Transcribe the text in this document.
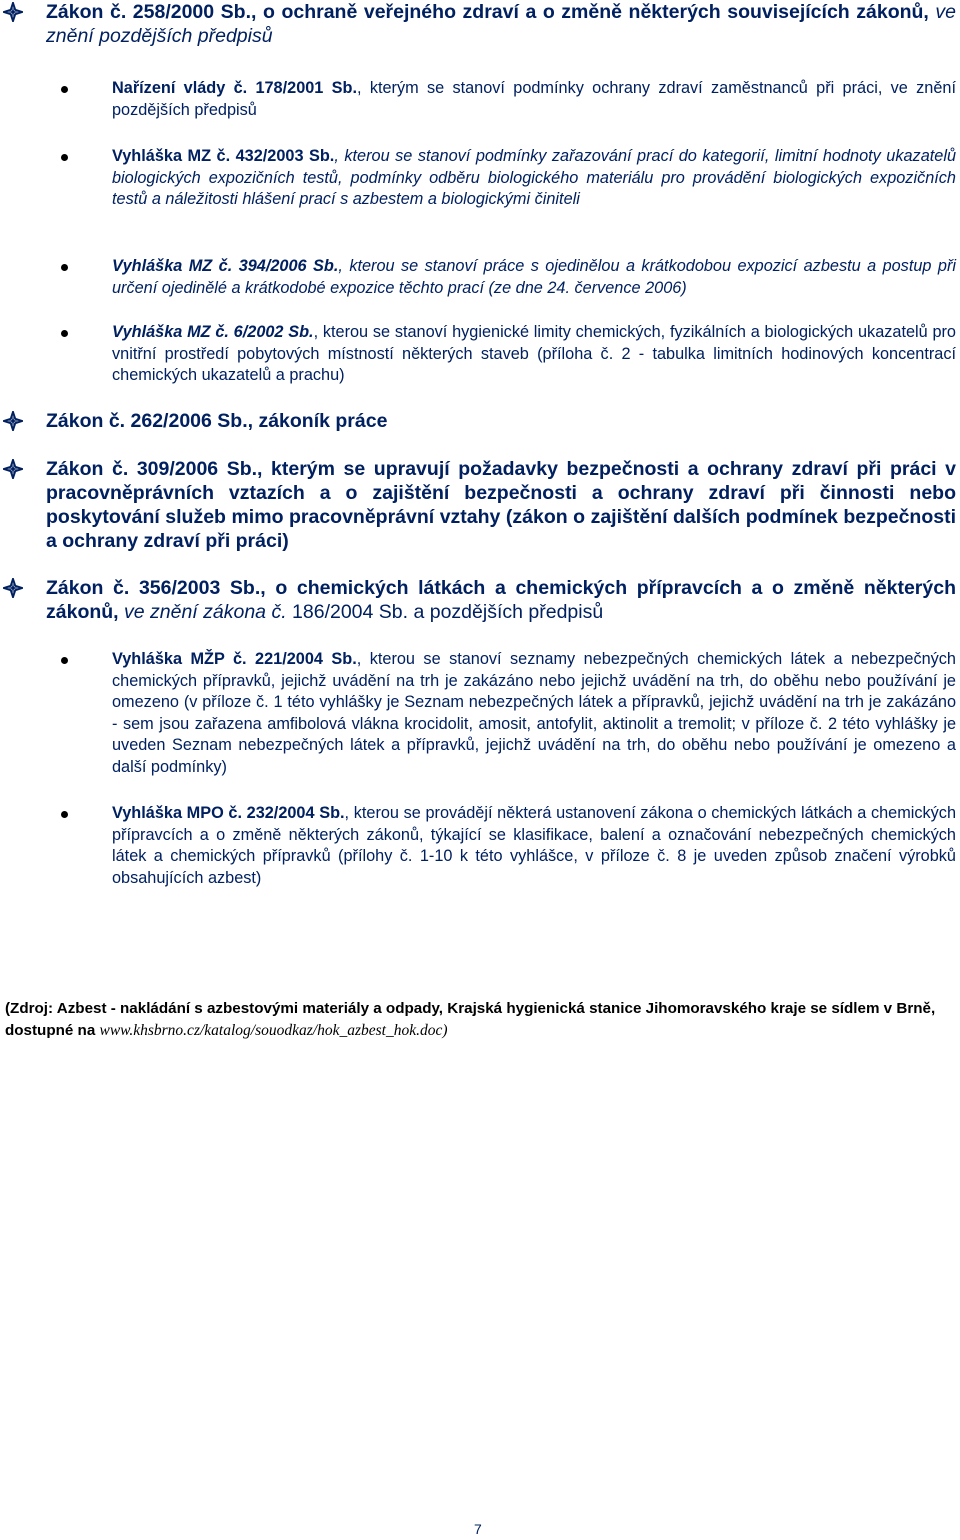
Zákon č. 258/2000 Sb., o ochraně veřejného zdraví a o změně některých souvisejících zákonů, ve znění pozdějších předpisů
Nařízení vlády č. 178/2001 Sb., kterým se stanoví podmínky ochrany zdraví zaměstnanců při práci, ve znění pozdějších předpisů
Vyhláška MZ č. 432/2003 Sb., kterou se stanoví podmínky zařazování prací do kategorií, limitní hodnoty ukazatelů biologických expozičních testů, podmínky odběru biologického materiálu pro provádění biologických expozičních testů a náležitosti hlášení prací s azbestem a biologickými činiteli
Vyhláška MZ č. 394/2006 Sb., kterou se stanoví práce s ojedinělou a krátkodobou expozicí azbestu a postup při určení ojedinělé a krátkodobé expozice těchto prací (ze dne 24. července 2006)
Vyhláška MZ č. 6/2002 Sb., kterou se stanoví hygienické limity chemických, fyzikálních a biologických ukazatelů pro vnitřní prostředí pobytových místností některých staveb (příloha č. 2 - tabulka limitních hodinových koncentrací chemických ukazatelů a prachu)
Zákon č. 262/2006 Sb., zákoník práce
Zákon č. 309/2006 Sb., kterým se upravují požadavky bezpečnosti a ochrany zdraví při práci v pracovněprávních vztazích a o zajištění bezpečnosti a ochrany zdraví při činnosti nebo poskytování služeb mimo pracovněprávní vztahy (zákon o zajištění dalších podmínek bezpečnosti a ochrany zdraví při práci)
Zákon č. 356/2003 Sb., o chemických látkách a chemických přípravcích a o změně některých zákonů, ve znění zákona č. 186/2004 Sb. a pozdějších předpisů
Vyhláška MŽP č. 221/2004 Sb., kterou se stanoví seznamy nebezpečných chemických látek a nebezpečných chemických přípravků, jejichž uvádění na trh je zakázáno nebo jejichž uvádění na trh, do oběhu nebo používání je omezeno (v příloze č. 1 této vyhlášky je Seznam nebezpečných látek a přípravků, jejichž uvádění na trh je zakázáno - sem jsou zařazena amfibolová vlákna krocidolit, amosit, antofylit, aktinolit a tremolit; v příloze č. 2 této vyhlášky je uveden Seznam nebezpečných látek a přípravků, jejichž uvádění na trh, do oběhu nebo používání je omezeno a další podmínky)
Vyhláška MPO č. 232/2004 Sb., kterou se provádějí některá ustanovení zákona o chemických látkách a chemických přípravcích a o změně některých zákonů, týkající se klasifikace, balení a označování nebezpečných chemických látek a chemických přípravků (přílohy č. 1-10 k této vyhlášce, v příloze č. 8 je uveden způsob značení výrobků obsahujících azbest)
(Zdroj: Azbest - nakládání s azbestovými materiály a odpady, Krajská hygienická stanice Jihomoravského kraje se sídlem v Brně, dostupné na www.khsbrno.cz/katalog/souodkaz/hok_azbest_hok.doc)
7
